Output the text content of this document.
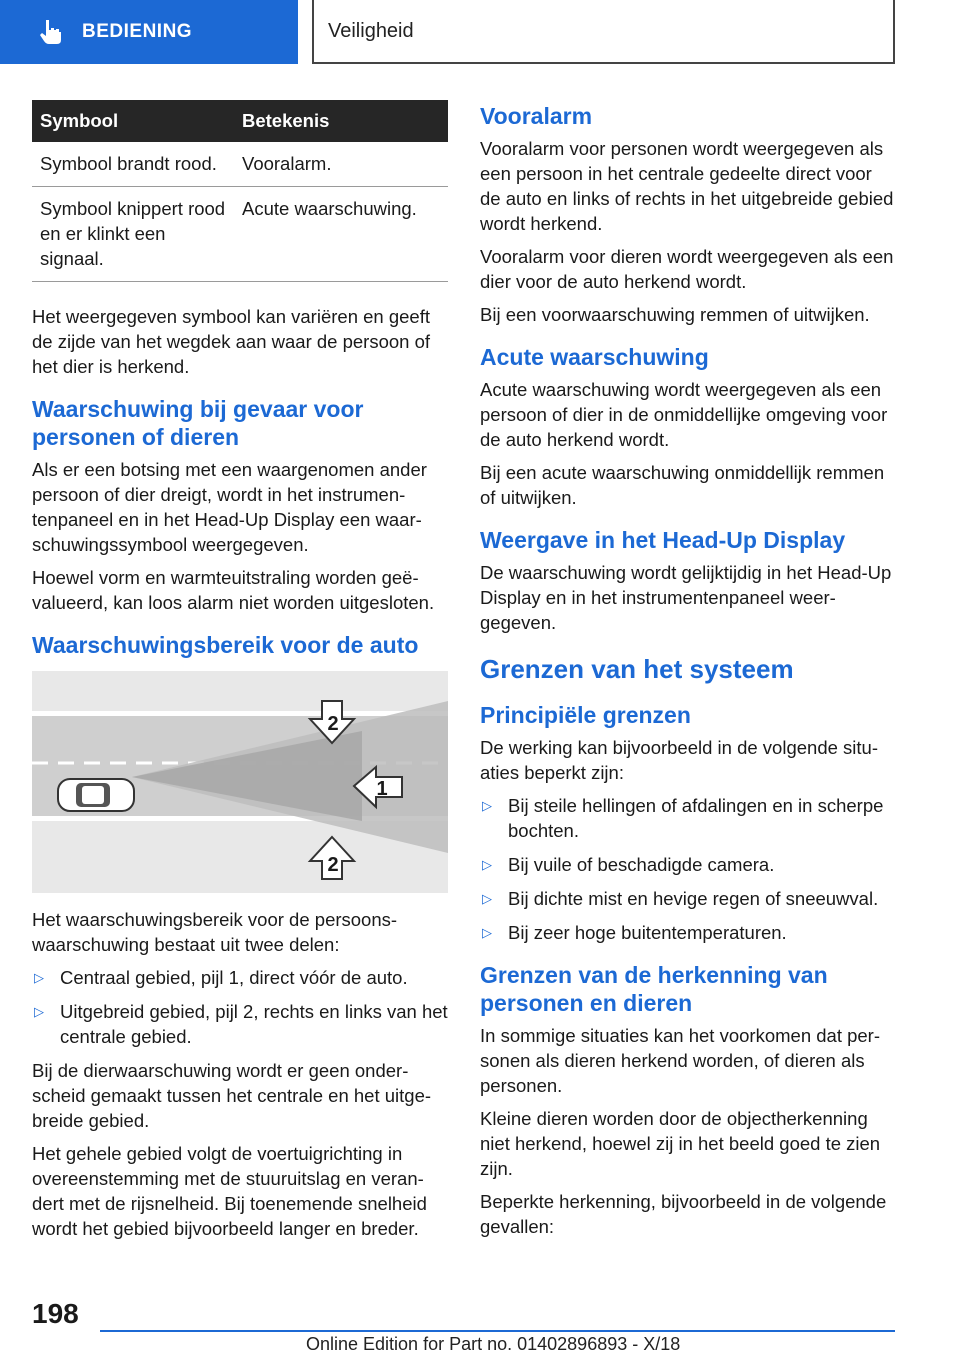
BEDIENING	Veiligheid
Symbool	Betekenis
Symbool brandt rood.	Vooralarm.
Symbool knippert rood en er klinkt een signaal.	Acute waarschuwing.

Het weergegeven symbool kan variëren en geeft de zijde van het wegdek aan waar de persoon of het dier is herkend.

Waarschuwing bij gevaar voor personen of dieren

Als er een botsing met een waargenomen ander persoon of dier dreigt, wordt in het instrumentenpaneel en in het Head-Up Display een waarschuwingssymbool weergegeven.

Hoewel vorm en warmteuitstraling worden geëvalueerd, kan loos alarm niet worden uitgesloten.

Waarschuwingsbereik voor de auto
2
1
2

Het waarschuwingsbereik voor de persoonswaarschuwing bestaat uit twee delen:

▷ Centraal gebied, pijl 1, direct vóór de auto.
▷ Uitgebreid gebied, pijl 2, rechts en links van het centrale gebied.

Bij de dierwaarschuwing wordt er geen onderscheid gemaakt tussen het centrale en het uitgebreide gebied.

Het gehele gebied volgt de voertuigrichting in overeenstemming met de stuuruitslag en verandert met de rijsnelheid. Bij toenemende snelheid wordt het gebied bijvoorbeeld langer en breder.

Vooralarm

Vooralarm voor personen wordt weergegeven als een persoon in het centrale gedeelte direct voor de auto en links of rechts in het uitgebreide gebied wordt herkend.

Vooralarm voor dieren wordt weergegeven als een dier voor de auto herkend wordt.

Bij een voorwaarschuwing remmen of uitwijken.

Acute waarschuwing

Acute waarschuwing wordt weergegeven als een persoon of dier in de onmiddellijke omgeving voor de auto herkend wordt.

Bij een acute waarschuwing onmiddellijk remmen of uitwijken.

Weergave in het Head-Up Display

De waarschuwing wordt gelijktijdig in het Head-Up Display en in het instrumentenpaneel weergegeven.

Grenzen van het systeem
Principiële grenzen

De werking kan bijvoorbeeld in de volgende situaties beperkt zijn:

▷ Bij steile hellingen of afdalingen en in scherpe bochten.
▷ Bij vuile of beschadigde camera.
▷ Bij dichte mist en hevige regen of sneeuwval.
▷ Bij zeer hoge buitentemperaturen.
Grenzen van de herkenning van personen en dieren

In sommige situaties kan het voorkomen dat personen als dieren herkend worden, of dieren als personen.

Kleine dieren worden door de objectherkenning niet herkend, hoewel zij in het beeld goed te zien zijn.

Beperkte herkenning, bijvoorbeeld in de volgende gevallen:

198
Online Edition for Part no. 01402896893 - X/18
